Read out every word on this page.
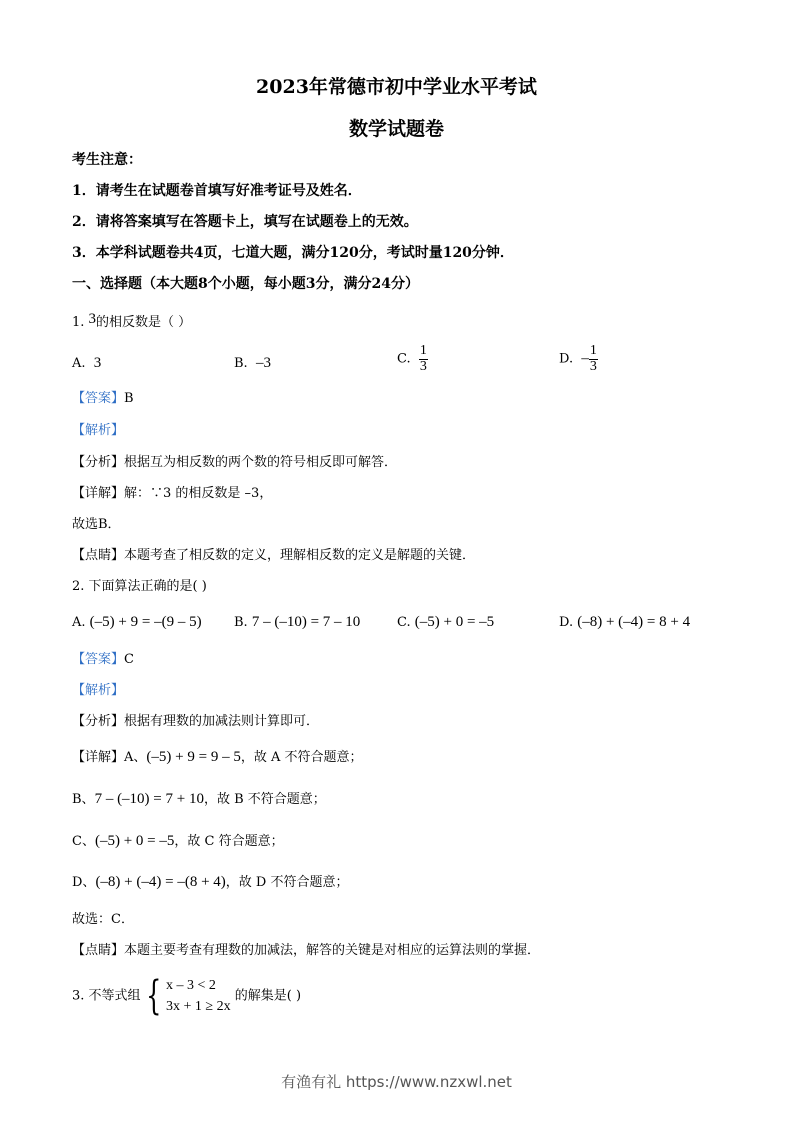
2023年常德市初中学业水平考试
数学试题卷
考生注意：
1．请考生在试题卷首填写好准考证号及姓名．
2．请将答案填写在答题卡上，填写在试题卷上的无效。
3．本学科试题卷共4页，七道大题，满分120分，考试时量120分钟．
一、选择题（本大题8个小题，每小题3分，满分24分）
1. 3的相反数是（ ）
A. 3	B. –3	C. $\frac{1}{3}$	D. – $\frac{1}{3}$
【答案】B
【解析】
【分析】根据互为相反数的两个数的符号相反即可解答．
【详解】解：∵3 的相反数是 –3，
故选B．
【点睛】本题考查了相反数的定义，理解相反数的定义是解题的关键．
2. 下面算法正确的是( )
A. (–5) + 9 = –(9 – 5) B. 7 – (–10) = 7 – 10	C. (–5) + 0 = –5	D. (–8) + (–4) = 8 + 4
【答案】C
【解析】
【分析】根据有理数的加减法则计算即可．
【详解】A、(–5) + 9 = 9 – 5，故 A 不符合题意；
B、7 – (–10) = 7 + 10，故 B 不符合题意；
C、(–5) + 0 = –5，故 C 符合题意；
D、(–8) + (–4) = –(8 + 4)，故 D 不符合题意；
故选：C．
【点睛】本题主要考查有理数的加减法，解答的关键是对相应的运算法则的掌握．
3. 不等式组 { x – 3 < 2
3x + 1 ≥ 2x
的解集是( )
有渔有礼 https://www.nzxwl.net
